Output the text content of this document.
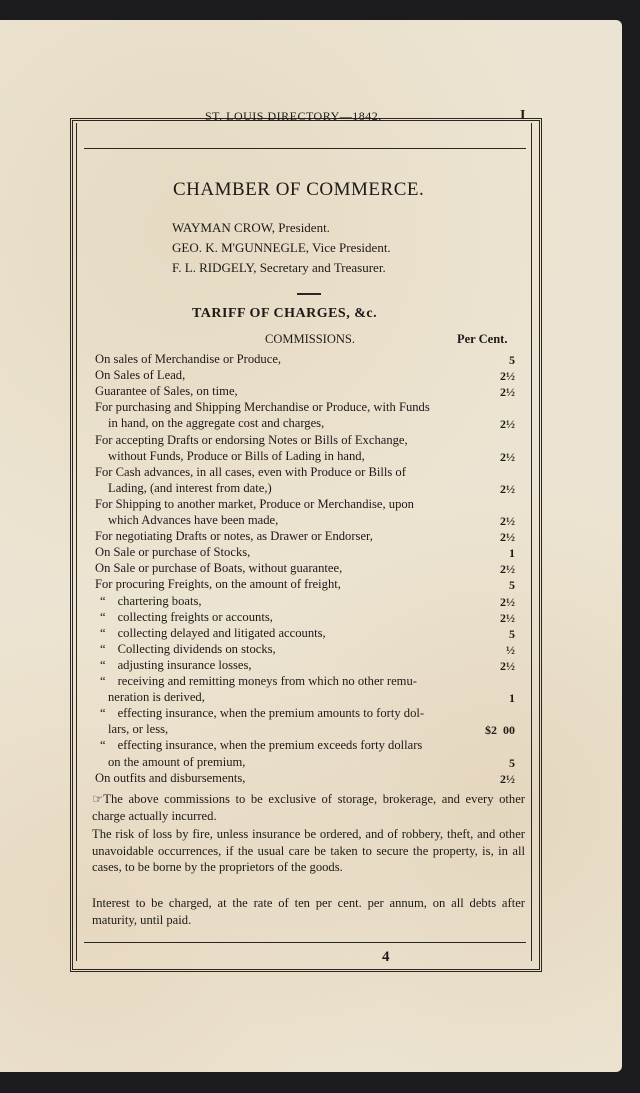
ST. LOUIS DIRECTORY—1842.	I
CHAMBER OF COMMERCE.
WAYMAN CROW, President.
GEO. K. M'GUNNEGLE, Vice President.
F. L. RIDGELY, Secretary and Treasurer.
TARIFF OF CHARGES, &c.
COMMISSIONS.	Per Cent.
On sales of Merchandise or Produce,	5
On Sales of Lead,	2½
Guarantee of Sales, on time,	2½
For purchasing and Shipping Merchandise or Produce, with Funds
in hand, on the aggregate cost and charges,	2½
For accepting Drafts or endorsing Notes or Bills of Exchange,
without Funds, Produce or Bills of Lading in hand,	2½
For Cash advances, in all cases, even with Produce or Bills of
Lading, (and interest from date,)	2½
For Shipping to another market, Produce or Merchandise, upon
which Advances have been made,	2½
For negotiating Drafts or notes, as Drawer or Endorser,	2½
On Sale or purchase of Stocks,	1
On Sale or purchase of Boats, without guarantee,	2½
For procuring Freights, on the amount of freight,	5
“ chartering boats,	2½
“ collecting freights or accounts,	2½
“ collecting delayed and litigated accounts,	5
“ Collecting dividends on stocks,	½
“ adjusting insurance losses,	2½
“ receiving and remitting moneys from which no other remu-
neration is derived,	1
“ effecting insurance, when the premium amounts to forty dol-
lars, or less,	$2  00
“ effecting insurance, when the premium exceeds forty dollars
on the amount of premium,	5
On outfits and disbursements,	2½
☞The above commissions to be exclusive of storage, brokerage, and every other charge actually incurred.
The risk of loss by fire, unless insurance be ordered, and of robbery, theft, and other unavoidable occurrences, if the usual care be taken to secure the property, is, in all cases, to be borne by the proprietors of the goods.
Interest to be charged, at the rate of ten per cent. per annum, on all debts after maturity, until paid.
4
